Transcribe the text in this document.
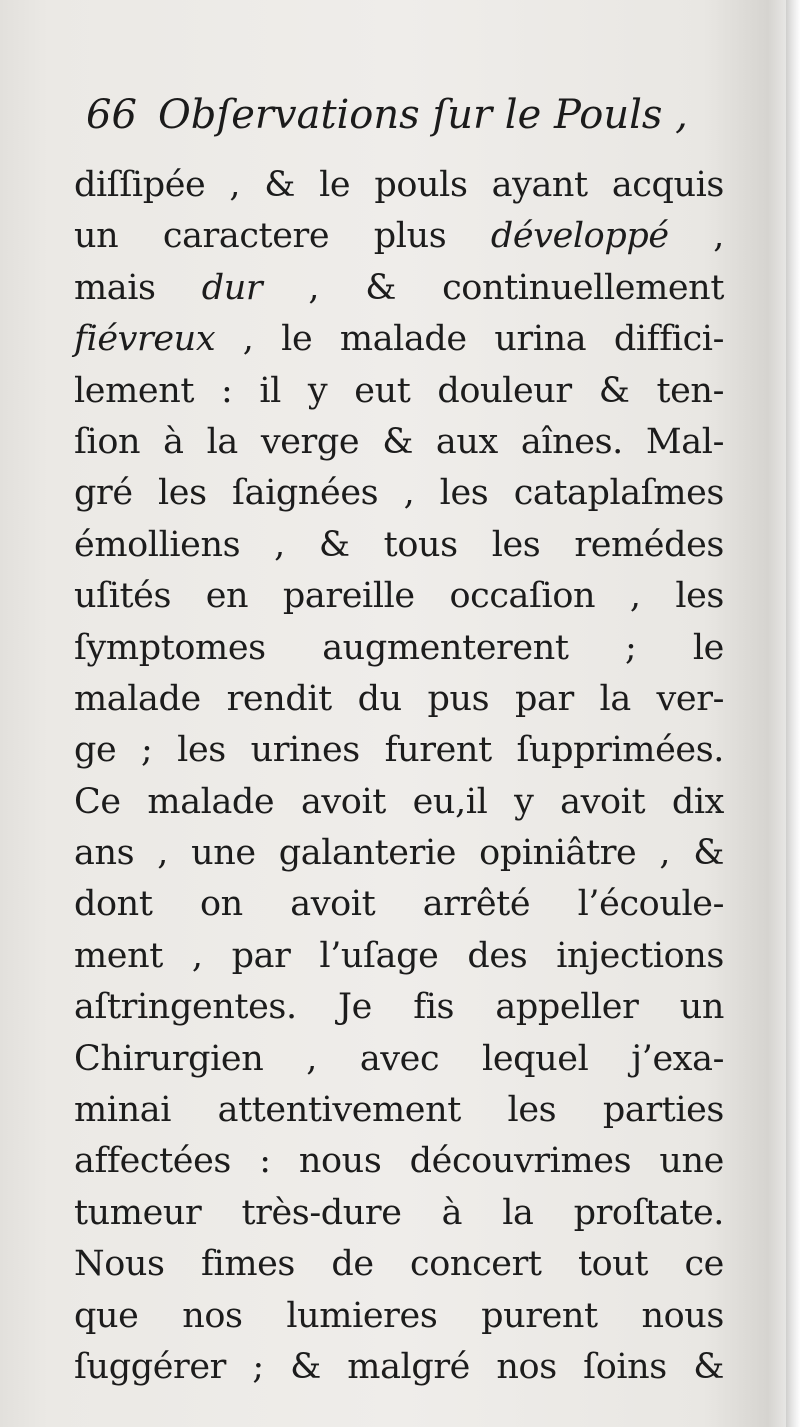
66 Obſervations ſur le Pouls ,
diſſipée , & le pouls ayant acquis
un caractere plus développé ,
mais dur , & continuellement
fiévreux , le malade urina diffici-
lement : il y eut douleur & ten-
ſion à la verge & aux aînes. Mal-
gré les ſaignées , les cataplaſmes
émolliens , & tous les remédes
uſités en pareille occaſion , les
ſymptomes augmenterent ; le
malade rendit du pus par la ver-
ge ; les urines furent ſupprimées.
Ce malade avoit eu,il y avoit dix
ans , une galanterie opiniâtre , &
dont on avoit arrêté l’écoule-
ment , par l’uſage des injections
aſtringentes. Je fis appeller un
Chirurgien , avec lequel j’exa-
minai attentivement les parties
affectées : nous découvrimes une
tumeur très-dure à la proſtate.
Nous fimes de concert tout ce
que nos lumieres purent nous
ſuggérer ; & malgré nos ſoins &
